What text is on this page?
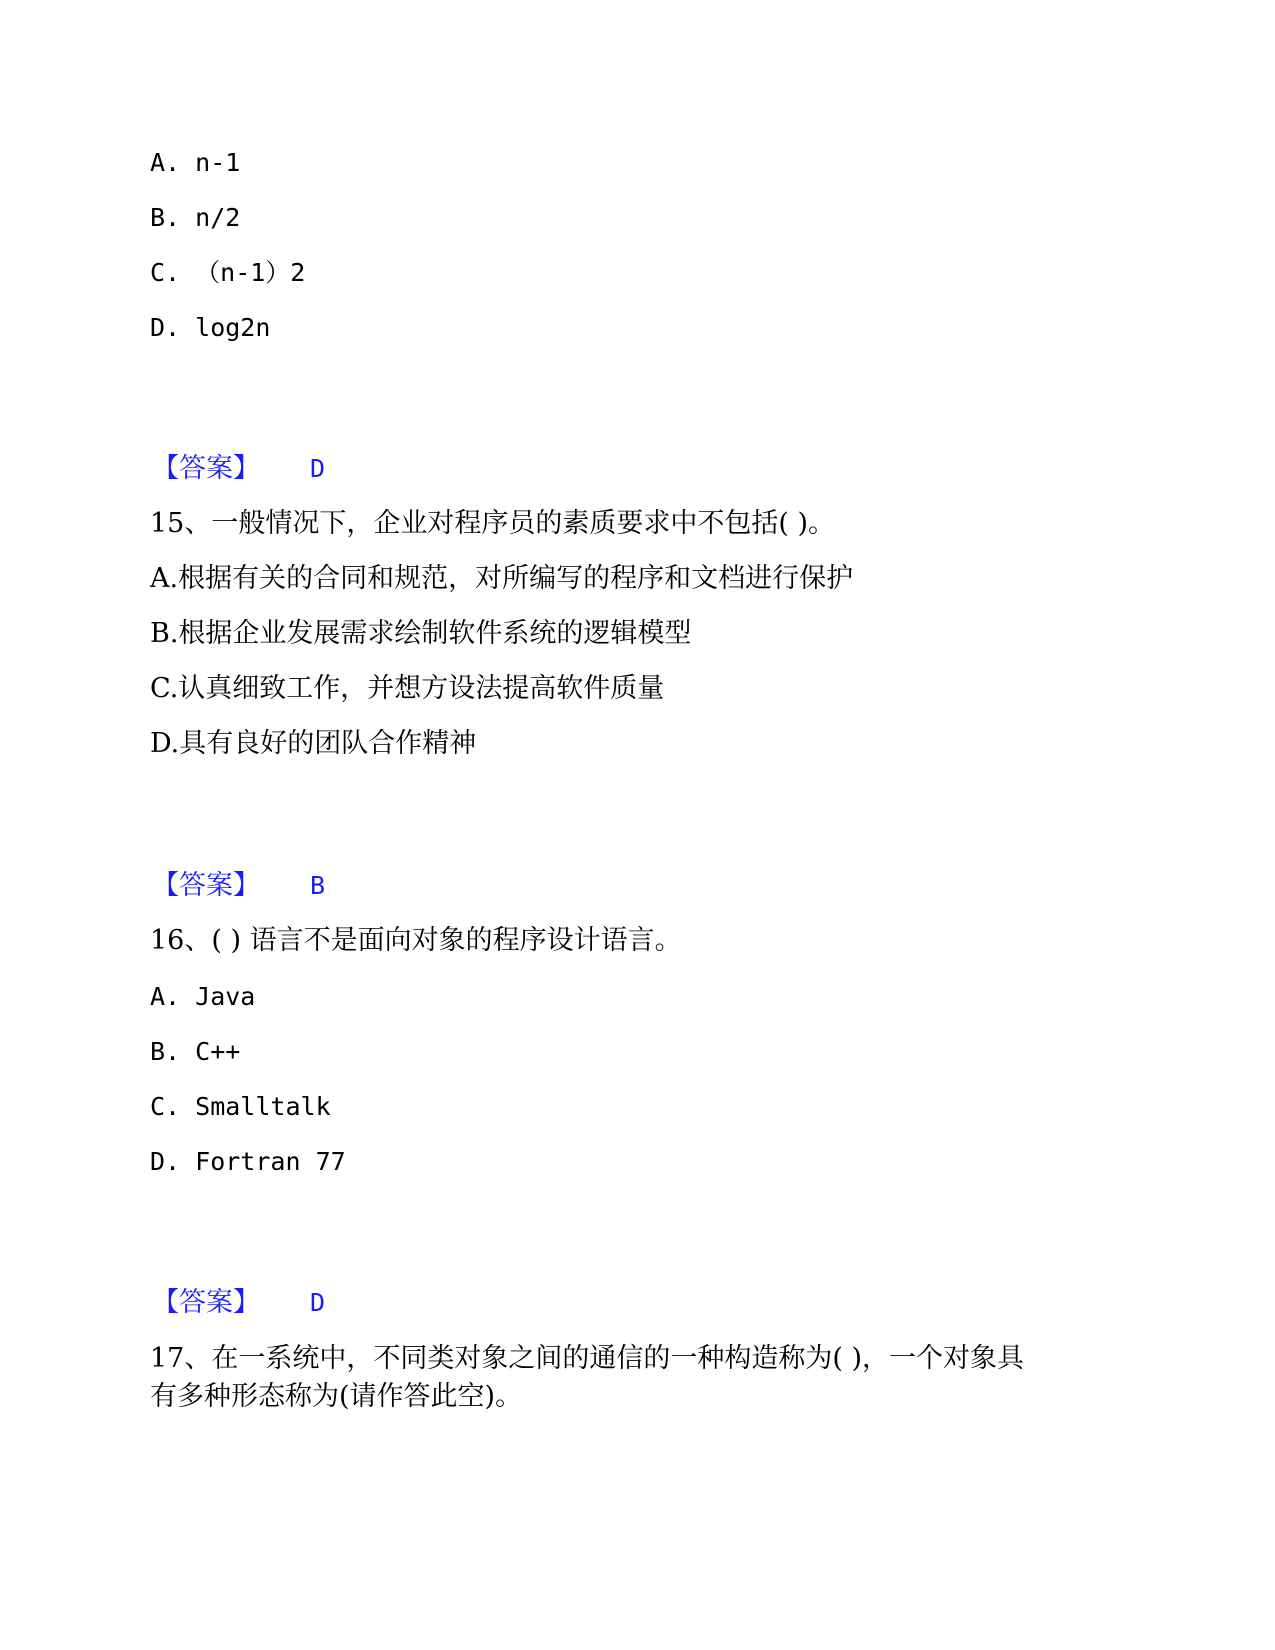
A. n-1
B. n/2
C. （n-1）2
D. log2n
【答案】 D
15、一般情况下，企业对程序员的素质要求中不包括( )。
A.根据有关的合同和规范，对所编写的程序和文档进行保护
B.根据企业发展需求绘制软件系统的逻辑模型
C.认真细致工作，并想方设法提高软件质量
D.具有良好的团队合作精神
【答案】 B
16、( ) 语言不是面向对象的程序设计语言。
A. Java
B. C++
C. Smalltalk
D. Fortran 77
【答案】 D
17、在一系统中，不同类对象之间的通信的一种构造称为( )，一个对象具
有多种形态称为(请作答此空)。
